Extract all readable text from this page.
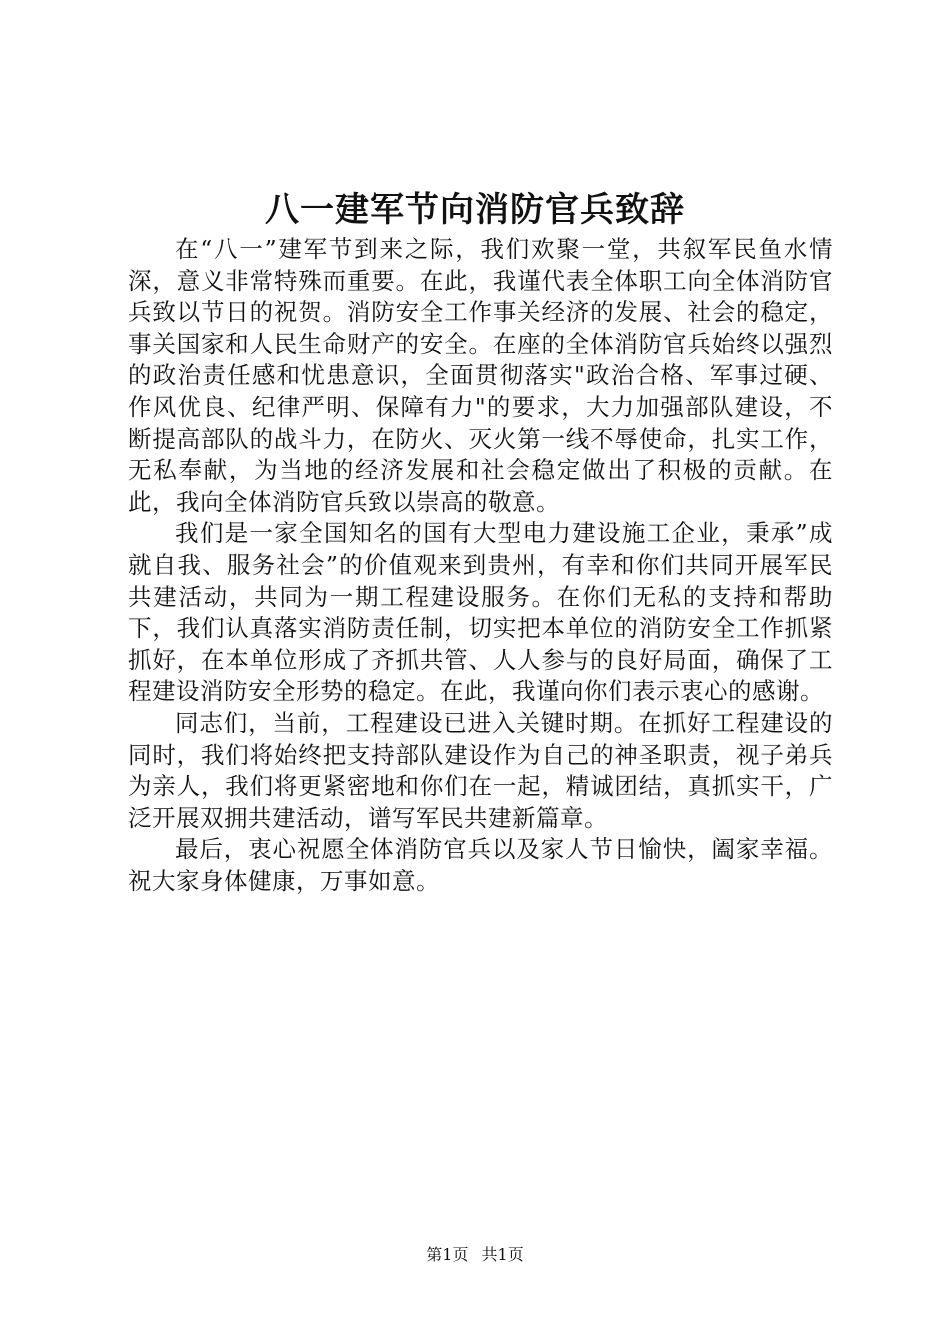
八一建军节向消防官兵致辞

在“八一”建军节到来之际，我们欢聚一堂，共叙军民鱼水情深，意义非常特殊而重要。在此，我谨代表全体职工向全体消防官兵致以节日的祝贺。消防安全工作事关经济的发展、社会的稳定，事关国家和人民生命财产的安全。在座的全体消防官兵始终以强烈的政治责任感和忧患意识，全面贯彻落实"政治合格、军事过硬、作风优良、纪律严明、保障有力"的要求，大力加强部队建设，不断提高部队的战斗力，在防火、灭火第一线不辱使命，扎实工作，无私奉献，为当地的经济发展和社会稳定做出了积极的贡献。在此，我向全体消防官兵致以崇高的敬意。

我们是一家全国知名的国有大型电力建设施工企业，秉承”成就自我、服务社会”的价值观来到贵州，有幸和你们共同开展军民共建活动，共同为一期工程建设服务。在你们无私的支持和帮助下，我们认真落实消防责任制，切实把本单位的消防安全工作抓紧抓好，在本单位形成了齐抓共管、人人参与的良好局面，确保了工程建设消防安全形势的稳定。在此，我谨向你们表示衷心的感谢。

同志们，当前，工程建设已进入关键时期。在抓好工程建设的同时，我们将始终把支持部队建设作为自己的神圣职责，视子弟兵为亲人，我们将更紧密地和你们在一起，精诚团结，真抓实干，广泛开展双拥共建活动，谱写军民共建新篇章。

最后，衷心祝愿全体消防官兵以及家人节日愉快，阖家幸福。祝大家身体健康，万事如意。

第1页 共1页
